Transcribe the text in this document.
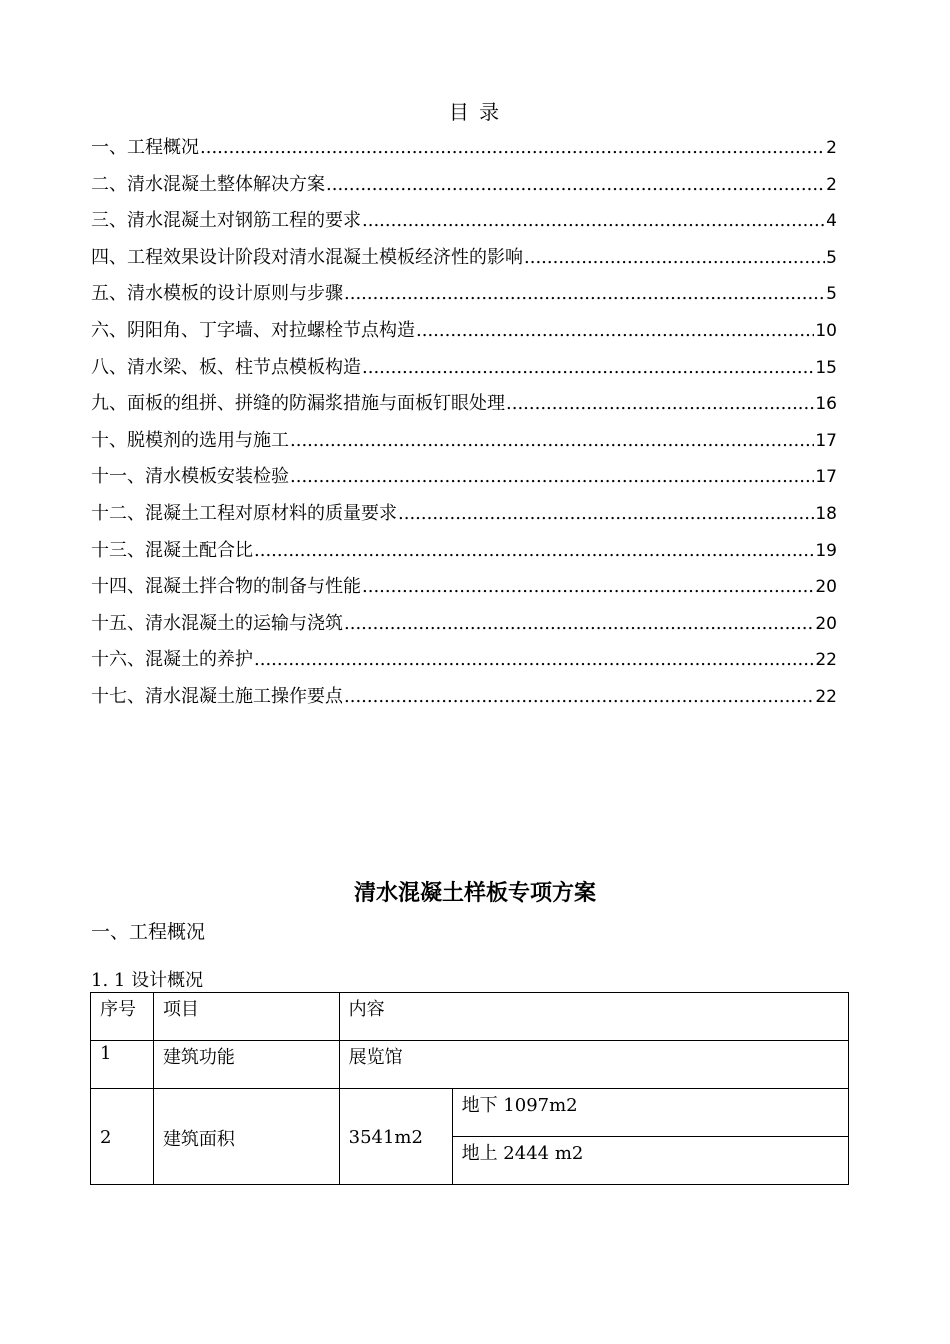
目 录
一、工程概况 .....	2
二、清水混凝土整体解决方案 .....	2
三、清水混凝土对钢筋工程的要求 .....	4
四、工程效果设计阶段对清水混凝土模板经济性的影响 .....	5
五、清水模板的设计原则与步骤 .....	5
六、阴阳角、丁字墙、对拉螺栓节点构造 .....	10
八、清水梁、板、柱节点模板构造 .....	15
九、面板的组拼、拼缝的防漏浆措施与面板钉眼处理 .....	16
十、脱模剂的选用与施工 .....	17
十一、清水模板安装检验 .....	17
十二、混凝土工程对原材料的质量要求 .....	18
十三、混凝土配合比 .....	19
十四、混凝土拌合物的制备与性能 .....	20
十五、清水混凝土的运输与浇筑 .....	20
十六、混凝土的养护 .....	22
十七、清水混凝土施工操作要点 .....	22
清水混凝土样板专项方案
一、工程概况
1. 1 设计概况
序号	项目	内容	
1	建筑功能	展览馆	
2	建筑面积	3541m2	地下 1097m2
			地上 2444 m2
